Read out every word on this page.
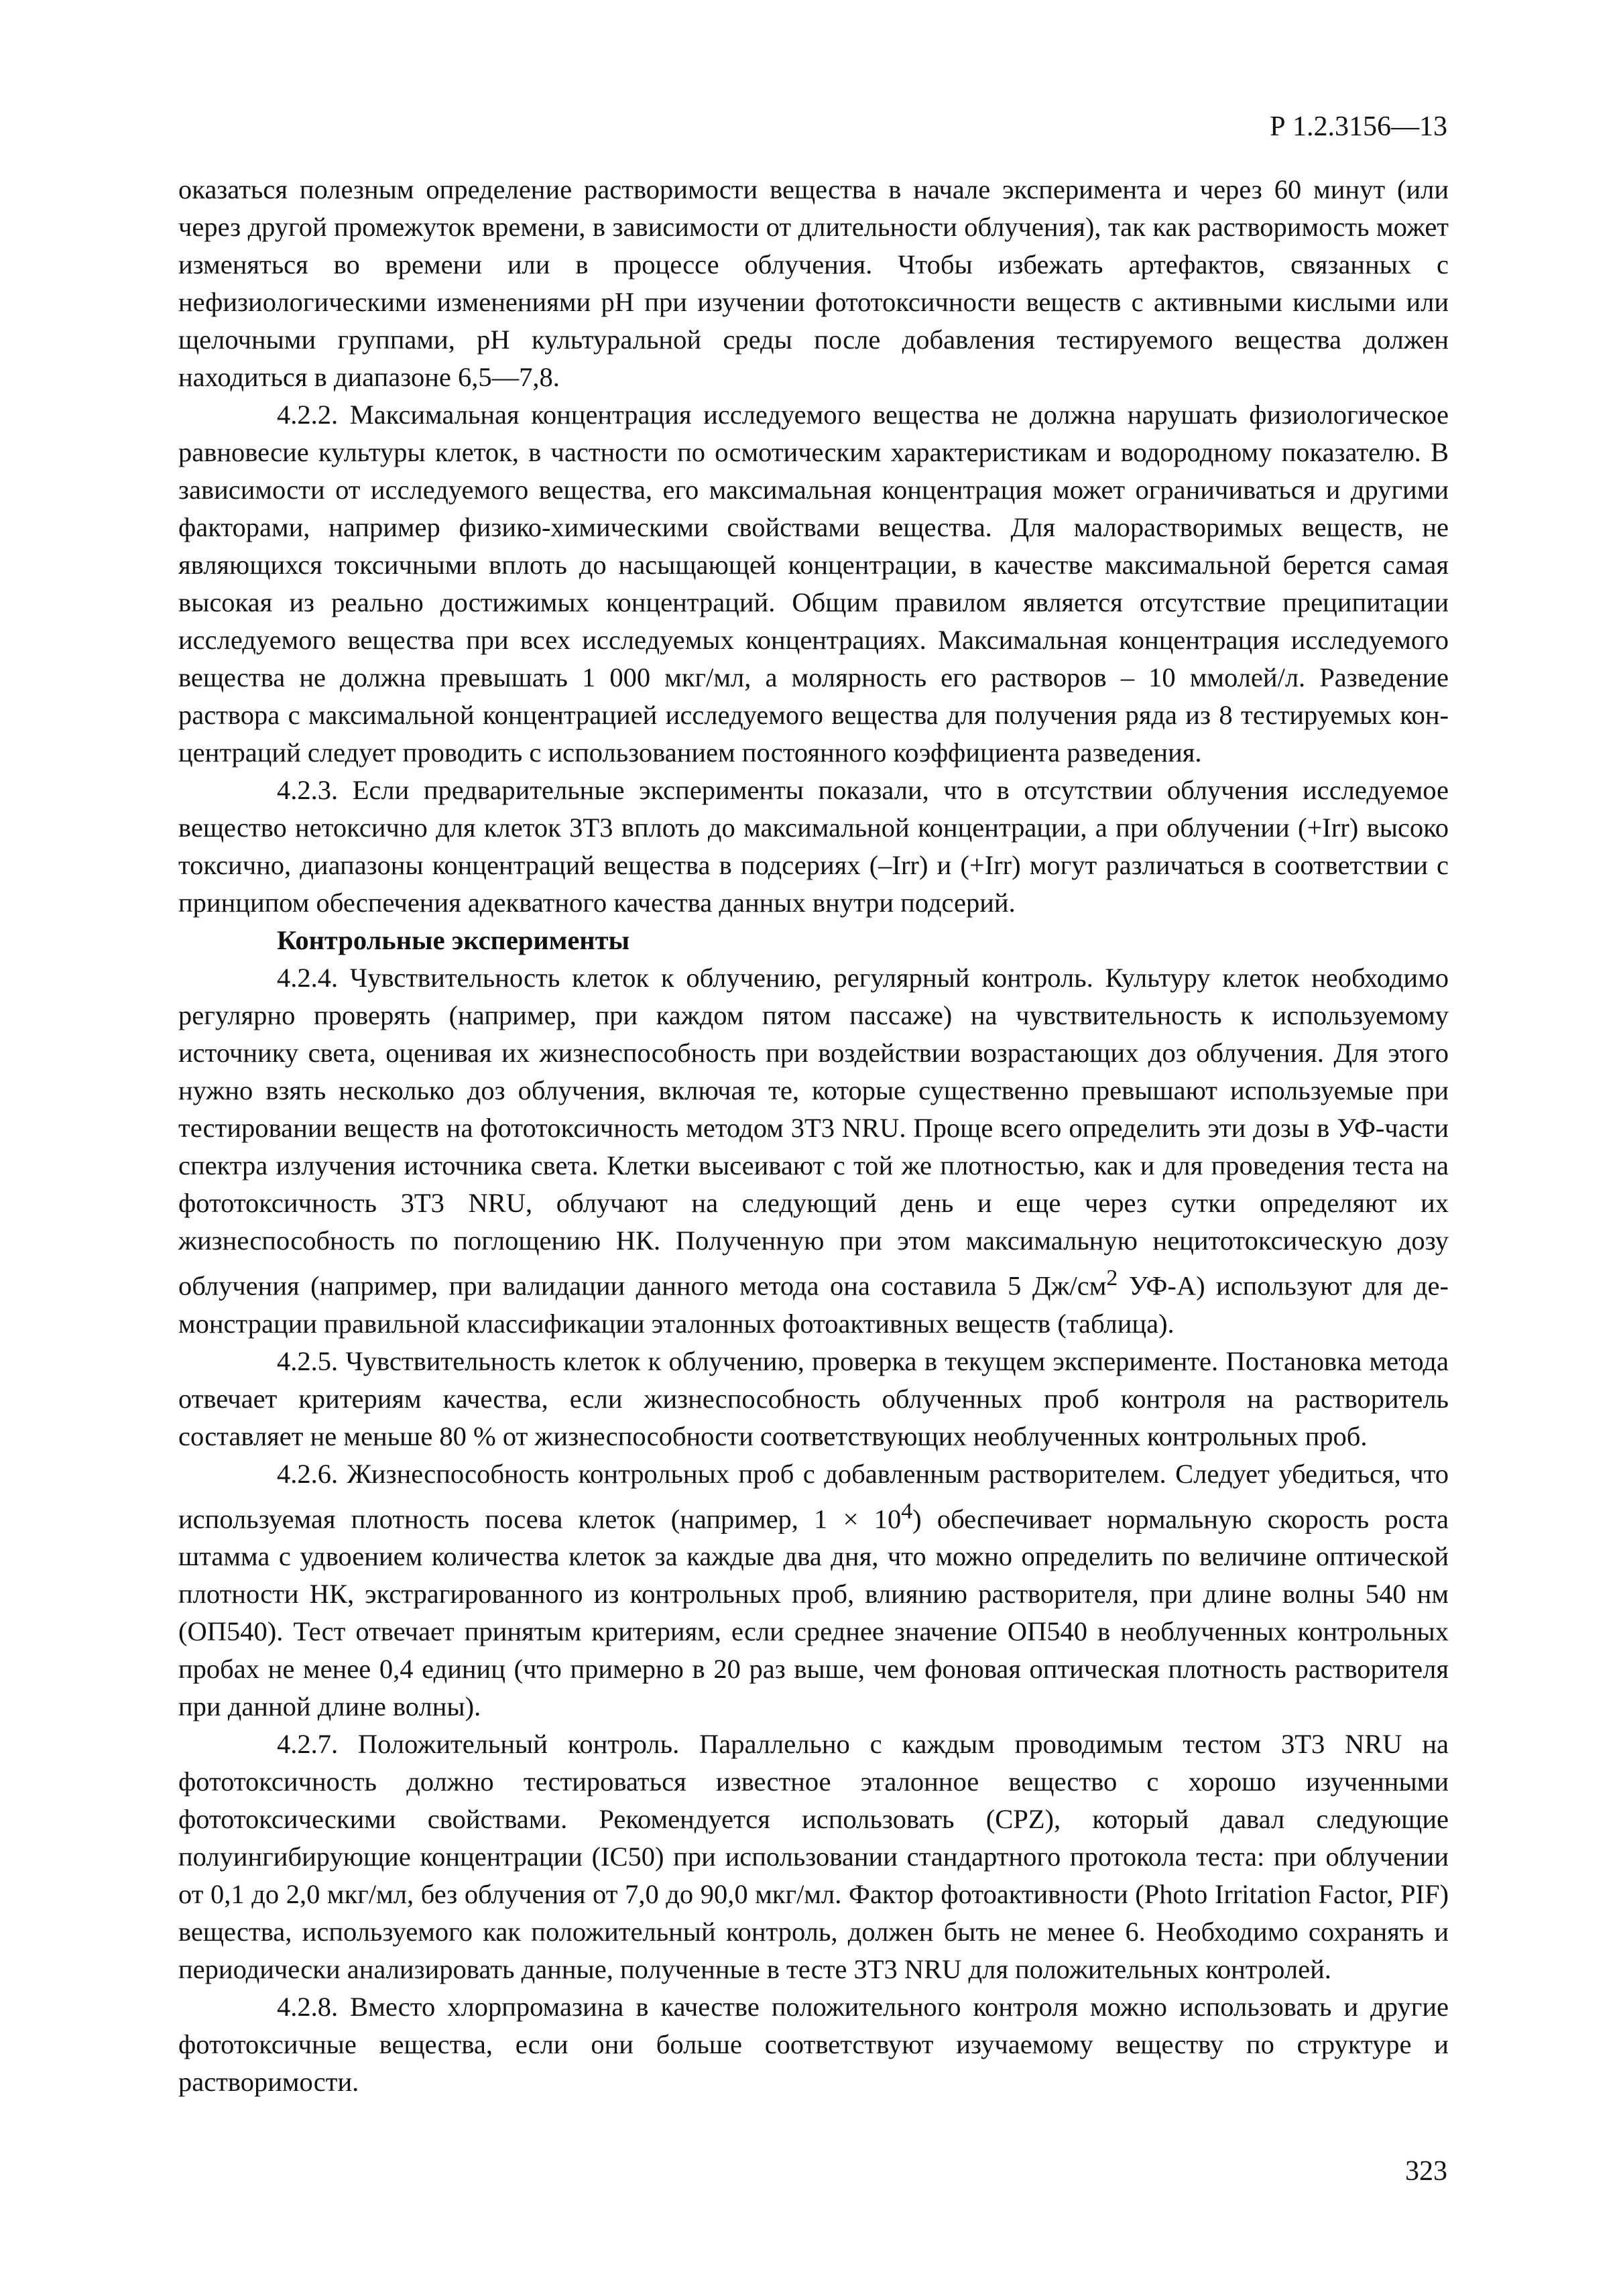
Р 1.2.3156—13

оказаться полезным определение растворимости вещества в начале эксперимента и через 60 минут (или через другой промежуток времени, в зависимости от длительности облучения), так как растворимость может изменяться во времени или в процессе облучения. Чтобы избежать артефактов, связанных с нефизиологическими изменениями pH при изучении фототоксичности веществ с активными кислыми или щелочными группами, pH культуральной среды после добавления тестируемого вещества должен находиться в диапазоне 6,5—7,8.

4.2.2. Максимальная концентрация исследуемого вещества не должна нарушать физиологическое равновесие культуры клеток, в частности по осмотическим характеристикам и водородному показателю. В зависимости от исследуемого вещества, его максимальная концентрация может ограничиваться и другими факторами, например физико-химическими свойствами вещества. Для малорастворимых веществ, не являющихся токсичными вплоть до насыщающей концентрации, в качестве максимальной берется самая высокая из реально достижимых концентраций. Общим правилом является отсутствие преципитации исследуемого вещества при всех исследуемых концентрациях. Максимальная концентрация исследуемого вещества не должна превышать 1 000 мкг/мл, а молярность его растворов – 10 ммолей/л. Разведение раствора с максимальной концентрацией исследуемого вещества для получения ряда из 8 тестируемых концентраций следует проводить с использованием постоянного коэффициента разведения.

4.2.3. Если предварительные эксперименты показали, что в отсутствии облучения исследуемое вещество нетоксично для клеток 3Т3 вплоть до максимальной концентрации, а при облучении (+Irr) высоко токсично, диапазоны концентраций вещества в подсериях (–Irr) и (+Irr) могут различаться в соответствии с принципом обеспечения адекватного качества данных внутри подсерий.

Контрольные эксперименты

4.2.4. Чувствительность клеток к облучению, регулярный контроль. Культуру клеток необходимо регулярно проверять (например, при каждом пятом пассаже) на чувствительность к используемому источнику света, оценивая их жизнеспособность при воздействии возрастающих доз облучения. Для этого нужно взять несколько доз облучения, включая те, которые существенно превышают используемые при тестировании веществ на фототоксичность методом 3Т3 NRU. Проще всего определить эти дозы в УФ-части спектра излучения источника света. Клетки высеивают с той же плотностью, как и для проведения теста на фототоксичность 3Т3 NRU, облучают на следующий день и еще через сутки определяют их жизнеспособность по поглощению НК. Полученную при этом максимальную нецитотоксическую дозу облучения (например, при валидации данного метода она составила 5 $Дж/см^2$ УФ-А) используют для демонстрации правильной классификации эталонных фотоактивных веществ (таблица).

4.2.5. Чувствительность клеток к облучению, проверка в текущем эксперименте. Постановка метода отвечает критериям качества, если жизнеспособность облученных проб контроля на растворитель составляет не меньше 80 % от жизнеспособности соответствующих необлученных контрольных проб.

4.2.6. Жизнеспособность контрольных проб с добавленным растворителем. Следует убедиться, что используемая плотность посева клеток (например, $1 \times 10^4$) обеспечивает нормальную скорость роста штамма с удвоением количества клеток за каждые два дня, что можно определить по величине оптической плотности НК, экстрагированного из контрольных проб, влиянию растворителя, при длине волны 540 нм (ОП540). Тест отвечает принятым критериям, если среднее значение ОП540 в необлученных контрольных пробах не менее 0,4 единиц (что примерно в 20 раз выше, чем фоновая оптическая плотность растворителя при данной длине волны).

4.2.7. Положительный контроль. Параллельно с каждым проводимым тестом 3Т3 NRU на фототоксичность должно тестироваться известное эталонное вещество с хорошо изученными фототоксическими свойствами. Рекомендуется использовать (CPZ), который давал следующие полуингибирующие концентрации (IC50) при использовании стандартного протокола теста: при облучении от 0,1 до 2,0 мкг/мл, без облучения от 7,0 до 90,0 мкг/мл. Фактор фотоактивности (Photo Irritation Factor, PIF) вещества, используемого как положительный контроль, должен быть не менее 6. Необходимо сохранять и периодически анализировать данные, полученные в тесте 3Т3 NRU для положительных контролей.

4.2.8. Вместо хлорпромазина в качестве положительного контроля можно использовать и другие фототоксичные вещества, если они больше соответствуют изучаемому веществу по структуре и растворимости.

323
